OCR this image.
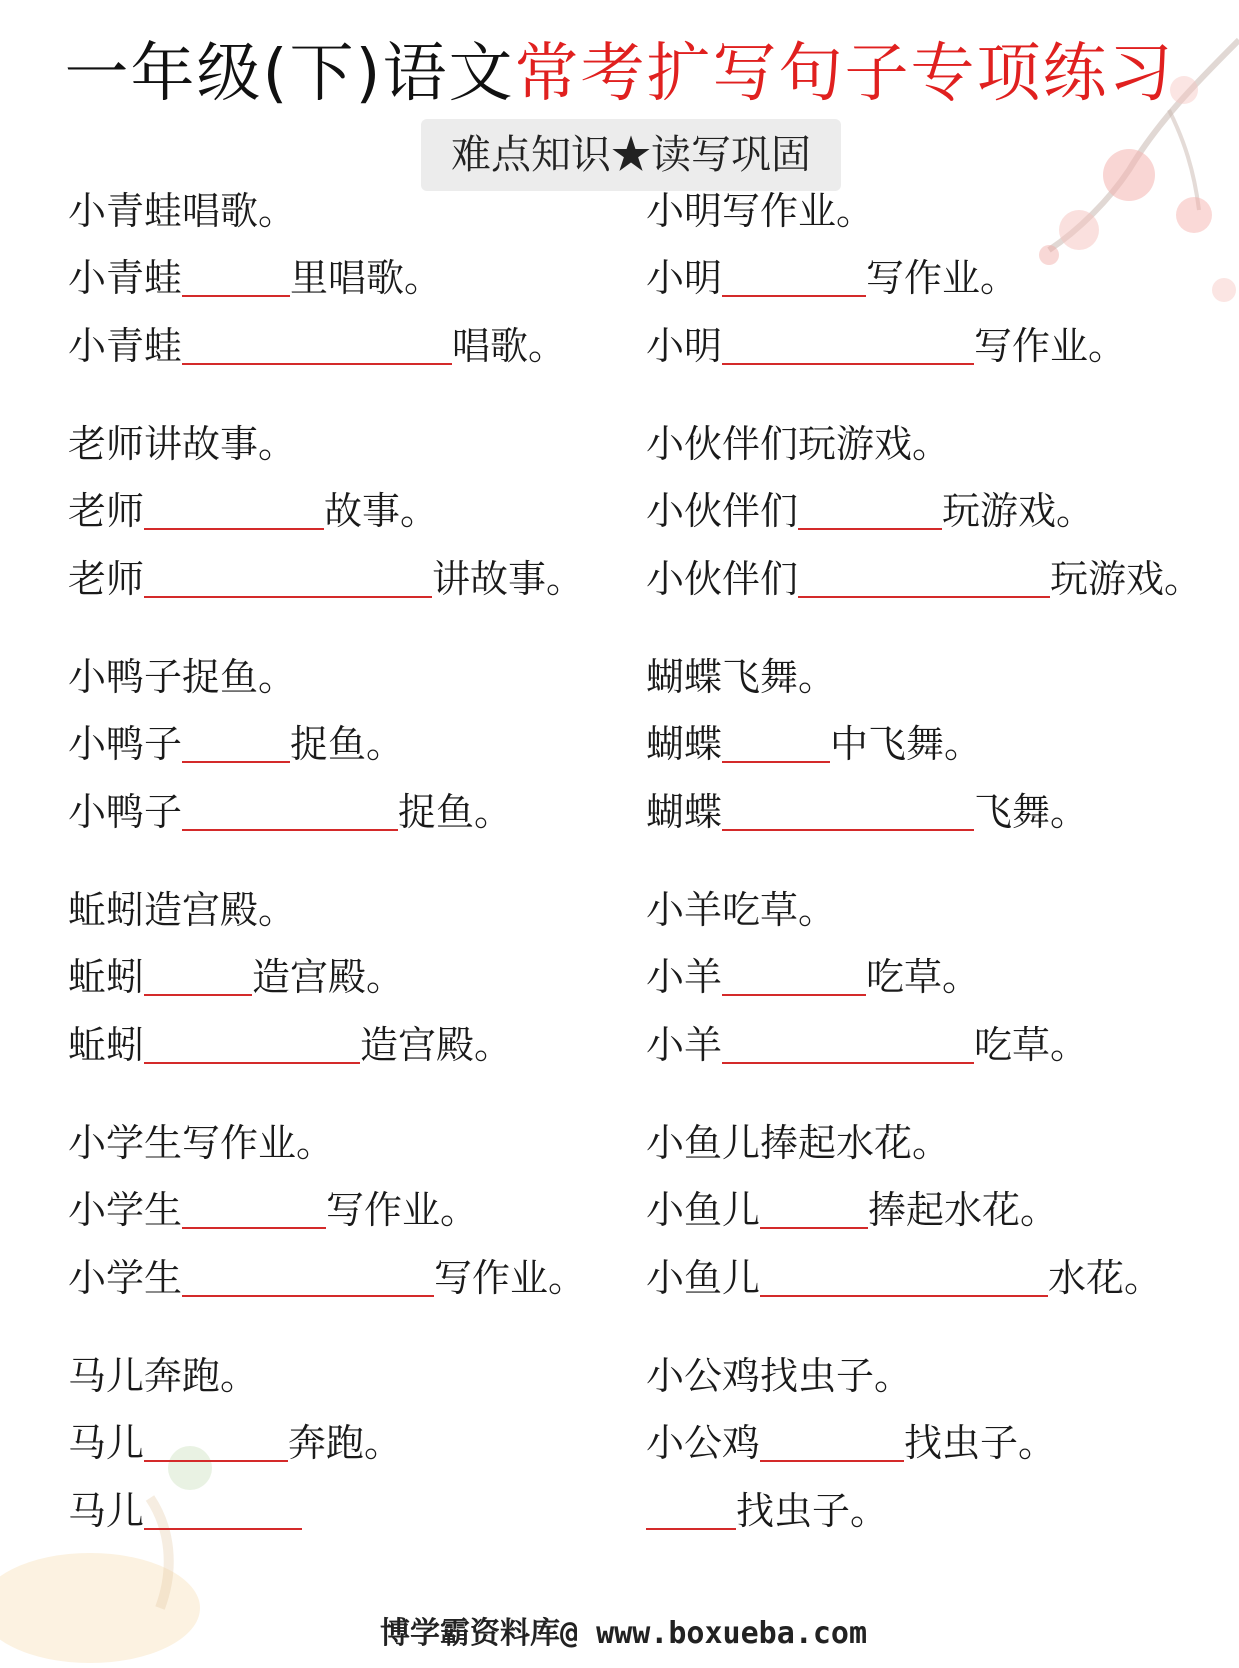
一年级(下)语文常考扩写句子专项练习
难点知识★读写巩固
小青蛙唱歌。
小青蛙	里唱歌。
小青蛙	唱歌。
老师讲故事。
老师	故事。
老师	讲故事。
小鸭子捉鱼。
小鸭子	捉鱼。
小鸭子	捉鱼。
蚯蚓造宫殿。
蚯蚓	造宫殿。
蚯蚓	造宫殿。
小学生写作业。
小学生	写作业。
小学生	写作业。
马儿奔跑。
马儿	奔跑。
马儿
小明写作业。
小明	写作业。
小明	写作业。
小伙伴们玩游戏。
小伙伴们	玩游戏。
小伙伴们	玩游戏。
蝴蝶飞舞。
蝴蝶	中飞舞。
蝴蝶	飞舞。
小羊吃草。
小羊	吃草。
小羊	吃草。
小鱼儿捧起水花。
小鱼儿	捧起水花。
小鱼儿	水花。
小公鸡找虫子。
小公鸡	找虫子。
找虫子。
博学霸资料库@ www.boxueba.com
